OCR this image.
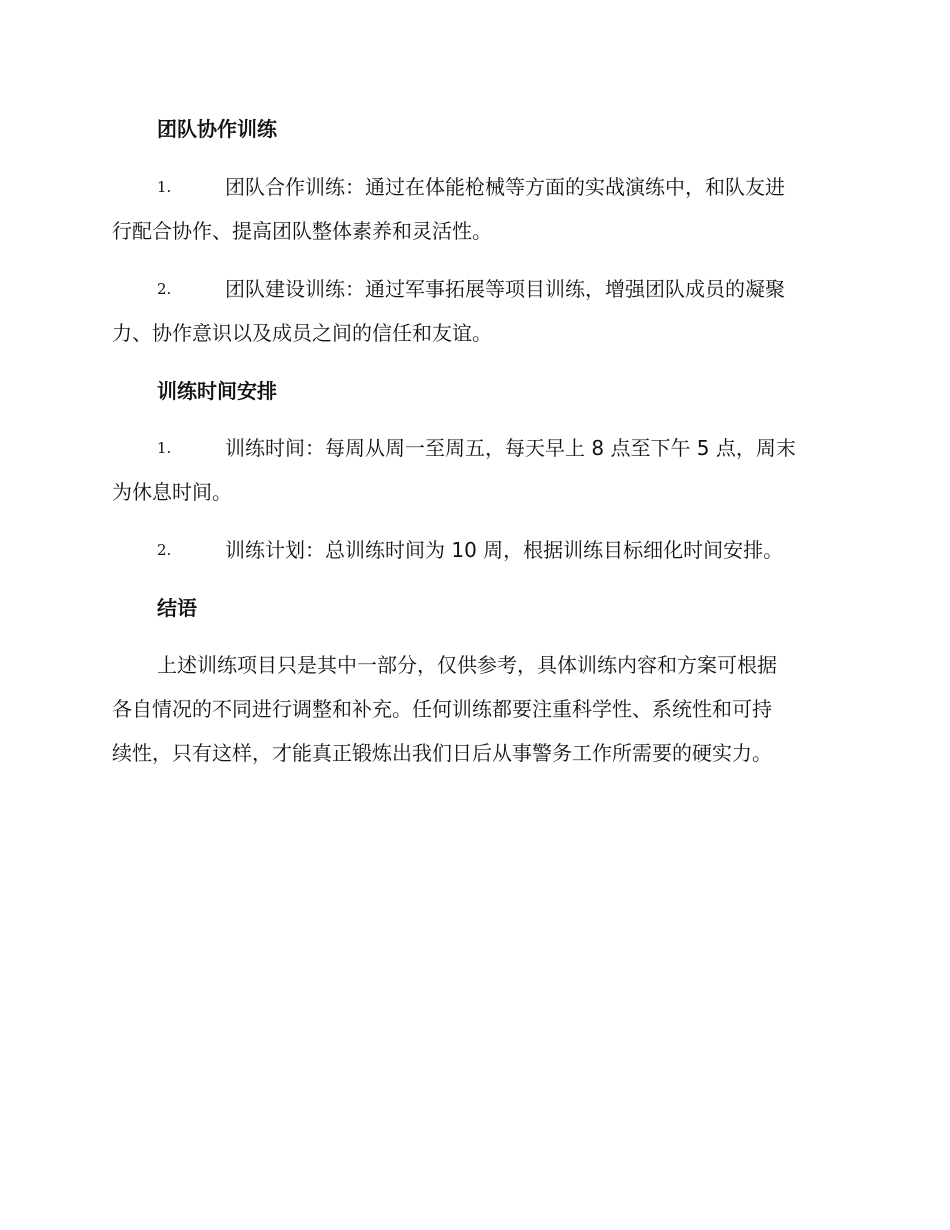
团队协作训练
1.	团队合作训练：通过在体能枪械等方面的实战演练中，和队友进
行配合协作、提高团队整体素养和灵活性。
2.	团队建设训练：通过军事拓展等项目训练，增强团队成员的凝聚
力、协作意识以及成员之间的信任和友谊。
训练时间安排
1.	训练时间：每周从周一至周五，每天早上 8 点至下午 5 点，周末
为休息时间。
2.	训练计划：总训练时间为 10 周，根据训练目标细化时间安排。
结语
上述训练项目只是其中一部分，仅供参考，具体训练内容和方案可根据
各自情况的不同进行调整和补充。任何训练都要注重科学性、系统性和可持
续性，只有这样，才能真正锻炼出我们日后从事警务工作所需要的硬实力。
